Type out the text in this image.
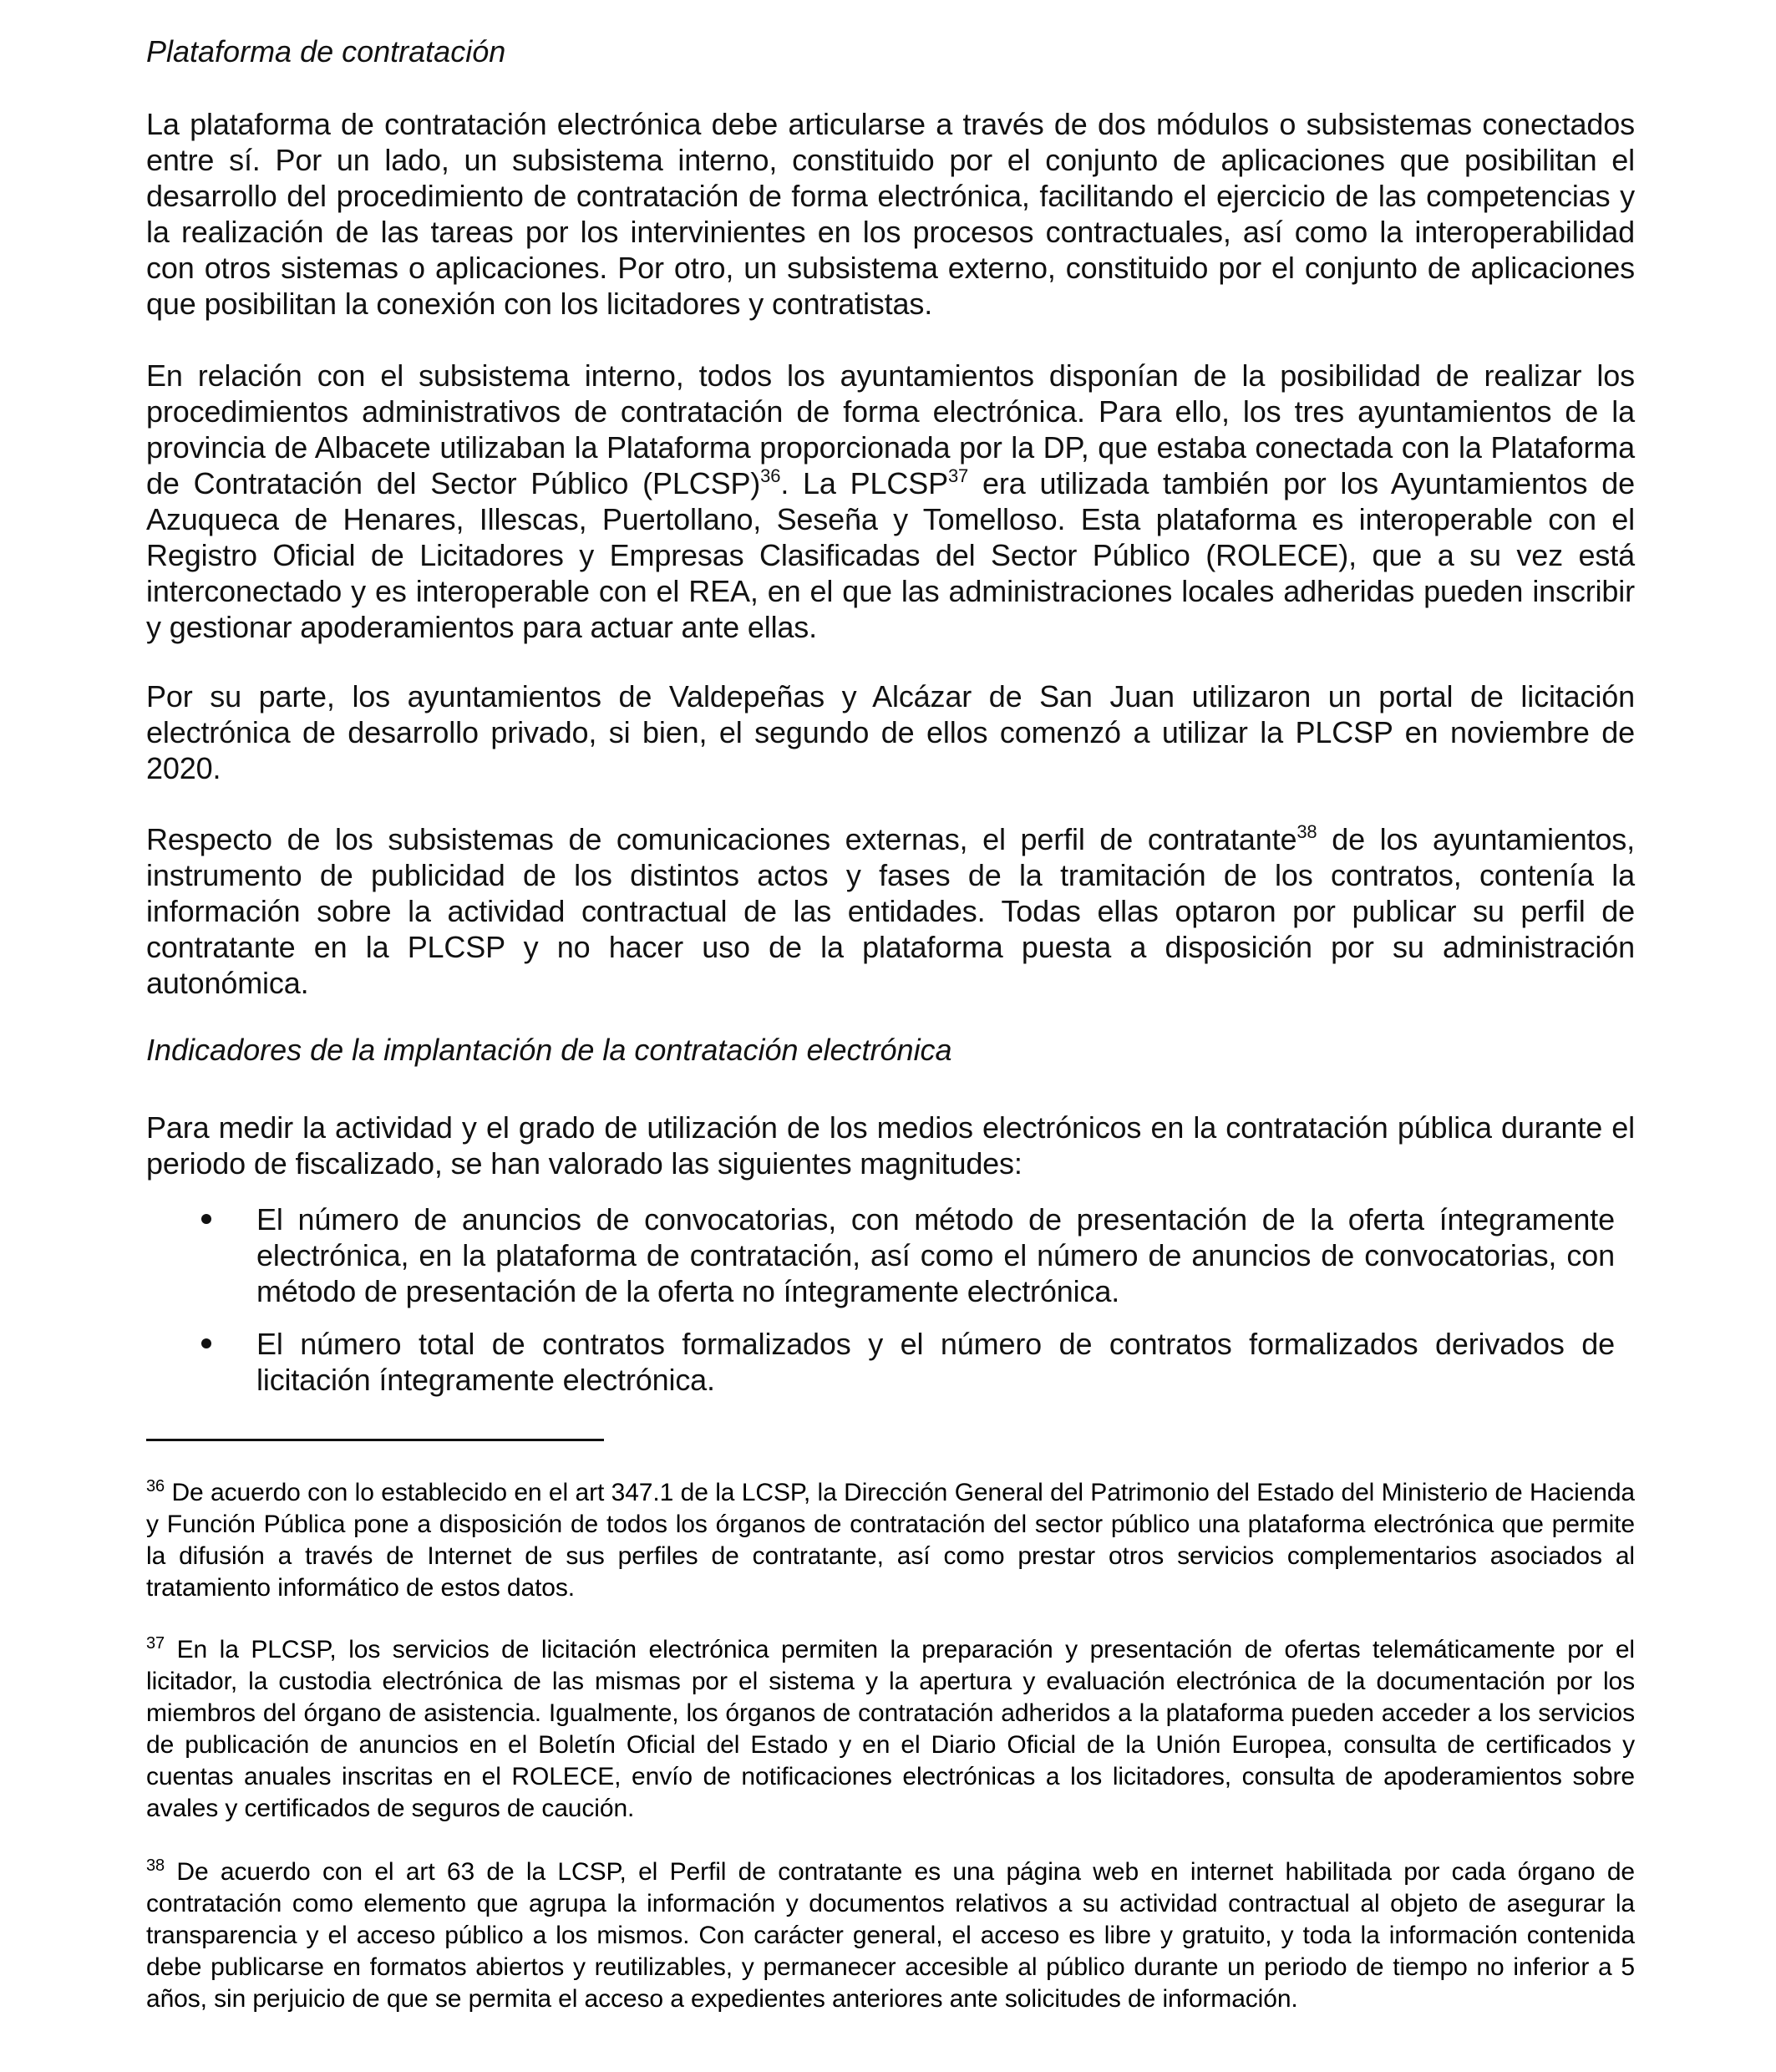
Plataforma de contratación

La plataforma de contratación electrónica debe articularse a través de dos módulos o subsistemas conectados entre sí. Por un lado, un subsistema interno, constituido por el conjunto de aplicaciones que posibilitan el desarrollo del procedimiento de contratación de forma electrónica, facilitando el ejercicio de las competencias y la realización de las tareas por los intervinientes en los procesos contractuales, así como la interoperabilidad con otros sistemas o aplicaciones. Por otro, un subsistema externo, constituido por el conjunto de aplicaciones que posibilitan la conexión con los licitadores y contratistas.

En relación con el subsistema interno, todos los ayuntamientos disponían de la posibilidad de realizar los procedimientos administrativos de contratación de forma electrónica. Para ello, los tres ayuntamientos de la provincia de Albacete utilizaban la Plataforma proporcionada por la DP, que estaba conectada con la Plataforma de Contratación del Sector Público (PLCSP)$^{36}$. La PLCSP$^{37}$ era utilizada también por los Ayuntamientos de Azuqueca de Henares, Illescas, Puertollano, Seseña y Tomelloso. Esta plataforma es interoperable con el Registro Oficial de Licitadores y Empresas Clasificadas del Sector Público (ROLECE), que a su vez está interconectado y es interoperable con el REA, en el que las administraciones locales adheridas pueden inscribir y gestionar apoderamientos para actuar ante ellas.

Por su parte, los ayuntamientos de Valdepeñas y Alcázar de San Juan utilizaron un portal de licitación electrónica de desarrollo privado, si bien, el segundo de ellos comenzó a utilizar la PLCSP en noviembre de 2020.

Respecto de los subsistemas de comunicaciones externas, el perfil de contratante$^{38}$ de los ayuntamientos, instrumento de publicidad de los distintos actos y fases de la tramitación de los contratos, contenía la información sobre la actividad contractual de las entidades. Todas ellas optaron por publicar su perfil de contratante en la PLCSP y no hacer uso de la plataforma puesta a disposición por su administración autonómica.

Indicadores de la implantación de la contratación electrónica

Para medir la actividad y el grado de utilización de los medios electrónicos en la contratación pública durante el periodo de fiscalizado, se han valorado las siguientes magnitudes:

El número de anuncios de convocatorias, con método de presentación de la oferta íntegramente electrónica, en la plataforma de contratación, así como el número de anuncios de convocatorias, con método de presentación de la oferta no íntegramente electrónica.
El número total de contratos formalizados y el número de contratos formalizados derivados de licitación íntegramente electrónica.

$^{36}$ De acuerdo con lo establecido en el art 347.1 de la LCSP, la Dirección General del Patrimonio del Estado del Ministerio de Hacienda y Función Pública pone a disposición de todos los órganos de contratación del sector público una plataforma electrónica que permite la difusión a través de Internet de sus perfiles de contratante, así como prestar otros servicios complementarios asociados al tratamiento informático de estos datos.

$^{37}$ En la PLCSP, los servicios de licitación electrónica permiten la preparación y presentación de ofertas telemáticamente por el licitador, la custodia electrónica de las mismas por el sistema y la apertura y evaluación electrónica de la documentación por los miembros del órgano de asistencia. Igualmente, los órganos de contratación adheridos a la plataforma pueden acceder a los servicios de publicación de anuncios en el Boletín Oficial del Estado y en el Diario Oficial de la Unión Europea, consulta de certificados y cuentas anuales inscritas en el ROLECE, envío de notificaciones electrónicas a los licitadores, consulta de apoderamientos sobre avales y certificados de seguros de caución.

$^{38}$ De acuerdo con el art 63 de la LCSP, el Perfil de contratante es una página web en internet habilitada por cada órgano de contratación como elemento que agrupa la información y documentos relativos a su actividad contractual al objeto de asegurar la transparencia y el acceso público a los mismos. Con carácter general, el acceso es libre y gratuito, y toda la información contenida debe publicarse en formatos abiertos y reutilizables, y permanecer accesible al público durante un periodo de tiempo no inferior a 5 años, sin perjuicio de que se permita el acceso a expedientes anteriores ante solicitudes de información.
